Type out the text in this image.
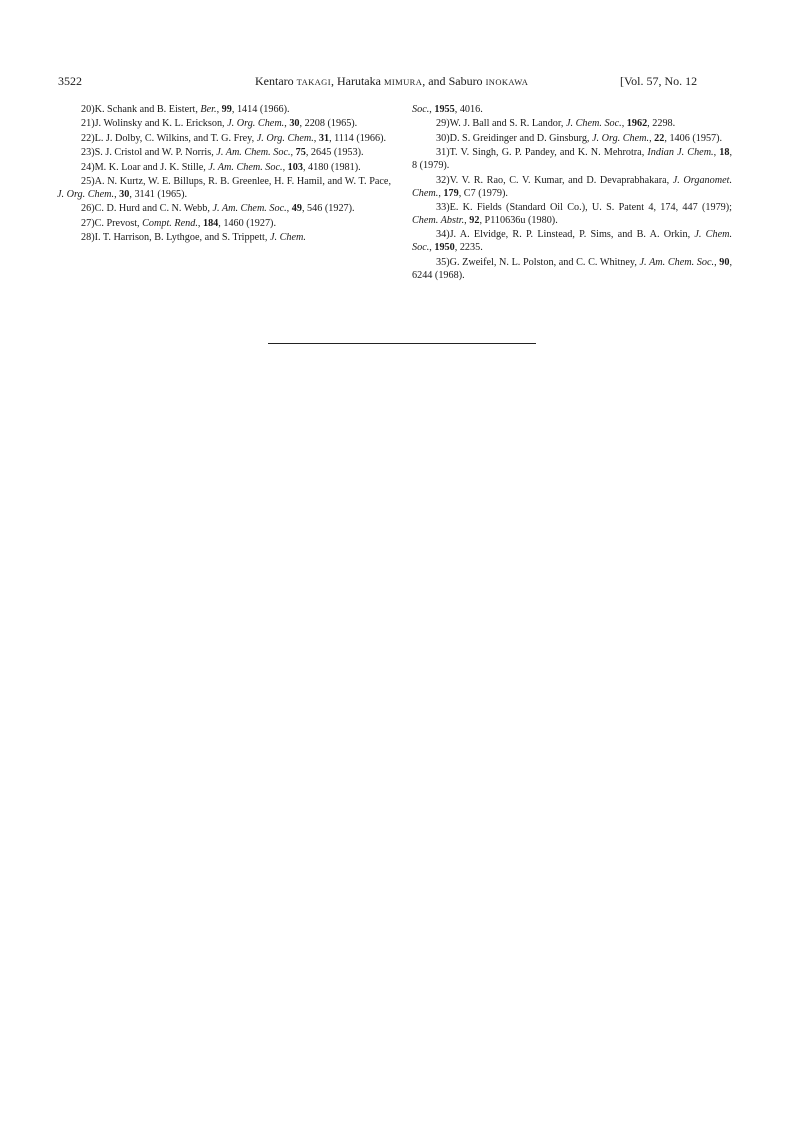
3522	Kentaro TAKAGI, Harutaka MIMURA, and Saburo INOKAWA	[Vol. 57, No. 12

20)K. Schank and B. Eistert, Ber., 99, 1414 (1966).

21)J. Wolinsky and K. L. Erickson, J. Org. Chem., 30, 2208 (1965).

22)L. J. Dolby, C. Wilkins, and T. G. Frey, J. Org. Chem., 31, 1114 (1966).

23)S. J. Cristol and W. P. Norris, J. Am. Chem. Soc., 75, 2645 (1953).

24)M. K. Loar and J. K. Stille, J. Am. Chem. Soc., 103, 4180 (1981).

25)A. N. Kurtz, W. E. Billups, R. B. Greenlee, H. F. Hamil, and W. T. Pace, J. Org. Chem., 30, 3141 (1965).

26)C. D. Hurd and C. N. Webb, J. Am. Chem. Soc., 49, 546 (1927).

27)C. Prevost, Compt. Rend., 184, 1460 (1927).

28)I. T. Harrison, B. Lythgoe, and S. Trippett, J. Chem.

Soc., 1955, 4016.

29)W. J. Ball and S. R. Landor, J. Chem. Soc., 1962, 2298.

30)D. S. Greidinger and D. Ginsburg, J. Org. Chem., 22, 1406 (1957).

31)T. V. Singh, G. P. Pandey, and K. N. Mehrotra, Indian J. Chem., 18, 8 (1979).

32)V. V. R. Rao, C. V. Kumar, and D. Devaprabhakara, J. Organomet. Chem., 179, C7 (1979).

33)E. K. Fields (Standard Oil Co.), U. S. Patent 4, 174, 447 (1979); Chem. Abstr., 92, P110636u (1980).

34)J. A. Elvidge, R. P. Linstead, P. Sims, and B. A. Orkin, J. Chem. Soc., 1950, 2235.

35)G. Zweifel, N. L. Polston, and C. C. Whitney, J. Am. Chem. Soc., 90, 6244 (1968).
